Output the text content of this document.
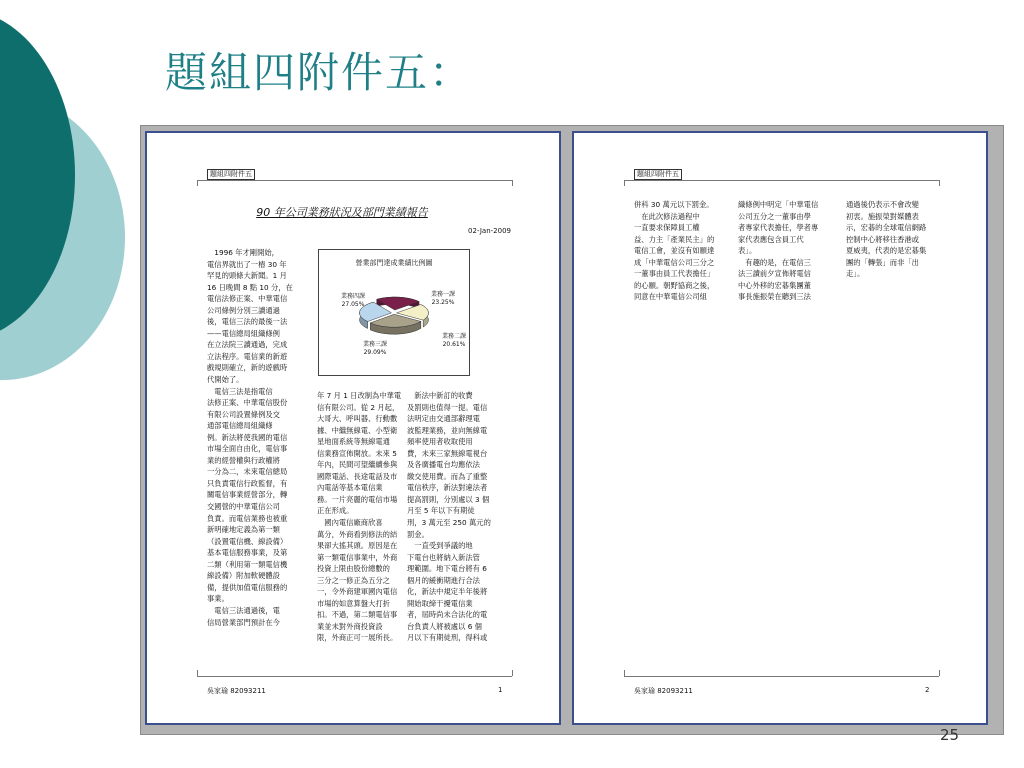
題組四附件五：
題組四附件五
90 年公司業務狀況及部門業績報告
02-Jan-2009
　1996 年才剛開始，
電信界就出了一樁 30 年
罕見的頭條大新聞。1 月
16 日晚間 8 點 10 分，在
電信法修正案、中華電信
公司條例分別三讀通過
後，電信三法的最後一法
——電信總局組織條例
在立法院三讀通過，完成
立法程序。電信業的新遊
戲規則確立，新的遊戲時
代開始了。
　電信三法是指電信
法修正案、中華電信股份
有限公司設置條例及交
通部電信總局組織條
例。新法將使我國的電信
市場全面自由化，電信事
業的經營權與行政權將
一分為二，未來電信總局
只負責電信行政監督，有
關電信事業經營部分，轉
交國營的中華電信公司
負責。而電信業務也被重
新明確地定義為第一類
（設置電信機、線設備）
基本電信服務事業，及第
二類（利用第一類電信機
線設備）附加軟硬體設
備，提供加值電信服務的
事業。
　電信三法通過後，電
信局營業部門預計在今
營業部門達成業績比例圖
業務四課
27.05%
業務一課
23.25%
業務二課
20.61%
業務三課
29.09%
年 7 月 1 日改制為中華電
信有限公司。從 2 月起，
大哥大、呼叫器、行動數
據、中繼無線電、小型衛
星地面系統等無線電通
信業務宣佈開放。未來 5
年內，民間可望繼續參與
國際電話、長途電話及市
內電話等基本電信業
務。一片亮麗的電信市場
正在形成。
　國內電信廠商欣喜
萬分，外商看到修法的結
果卻大搖其頭。原因是在
第一類電信事業中，外商
投資上限由股份總數的
三分之一修正為五分之
一，令外商建軍國內電信
市場的如意算盤大打折
扣。不過，第二類電信事
業並未對外商投資設
限，外商正可一展所長。
　新法中新訂的收費
及罰則也值得一提。電信
法明定由交通部辭理電
波監理業務，並向無線電
頻率使用者收取使用
費，未來三家無線電視台
及各廣播電台均應依法
繳交使用費。而為了重整
電信秩序，新法對違法者
提高罰則，分別處以 3 個
月至 5 年以下有期徒
刑，3 萬元至 250 萬元的
罰金。
　一直受到爭議的地
下電台也將納入新法管
理範圍。地下電台將有 6
個月的緩衝期進行合法
化，新法中規定半年後將
開始取締干擾電信業
者，屆時尚未合法化的電
台負責人將被處以 6 個
月以下有期徒刑，得科或
吳家瑜 82093211	1
題組四附件五
併科 30 萬元以下罰金。
　在此次修法過程中
一直要求保障員工權
益、力主「產業民主」的
電信工會，並沒有如願達
成「中華電信公司三分之
一董事由員工代表擔任」
的心願。朝野協商之後，
同意在中華電信公司組
織條例中明定「中華電信
公司五分之一董事由學
者專家代表擔任，學者專
家代表應包含員工代
表」。
　有趣的是，在電信三
法三讀前夕宣佈將電信
中心外移的宏碁集團董
事長施振榮在聽到三法
通過後仍表示不會改變
初衷。施振榮對媒體表
示，宏碁的全球電信網路
控制中心將移往香港或
夏威夷，代表的是宏碁集
團的「轉張」而非「出
走」。
吳家瑜 82093211	2
25
